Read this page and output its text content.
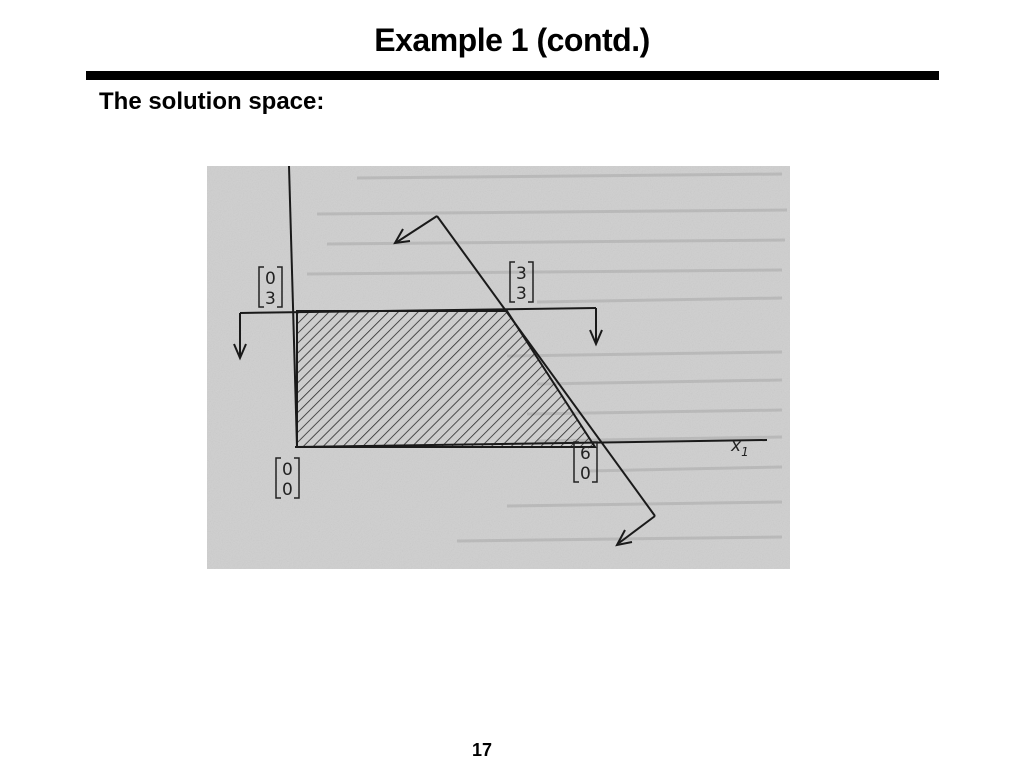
Example 1 (contd.)
The solution space:
$x_1$
0
3
3
3
0
0
6
0
17
